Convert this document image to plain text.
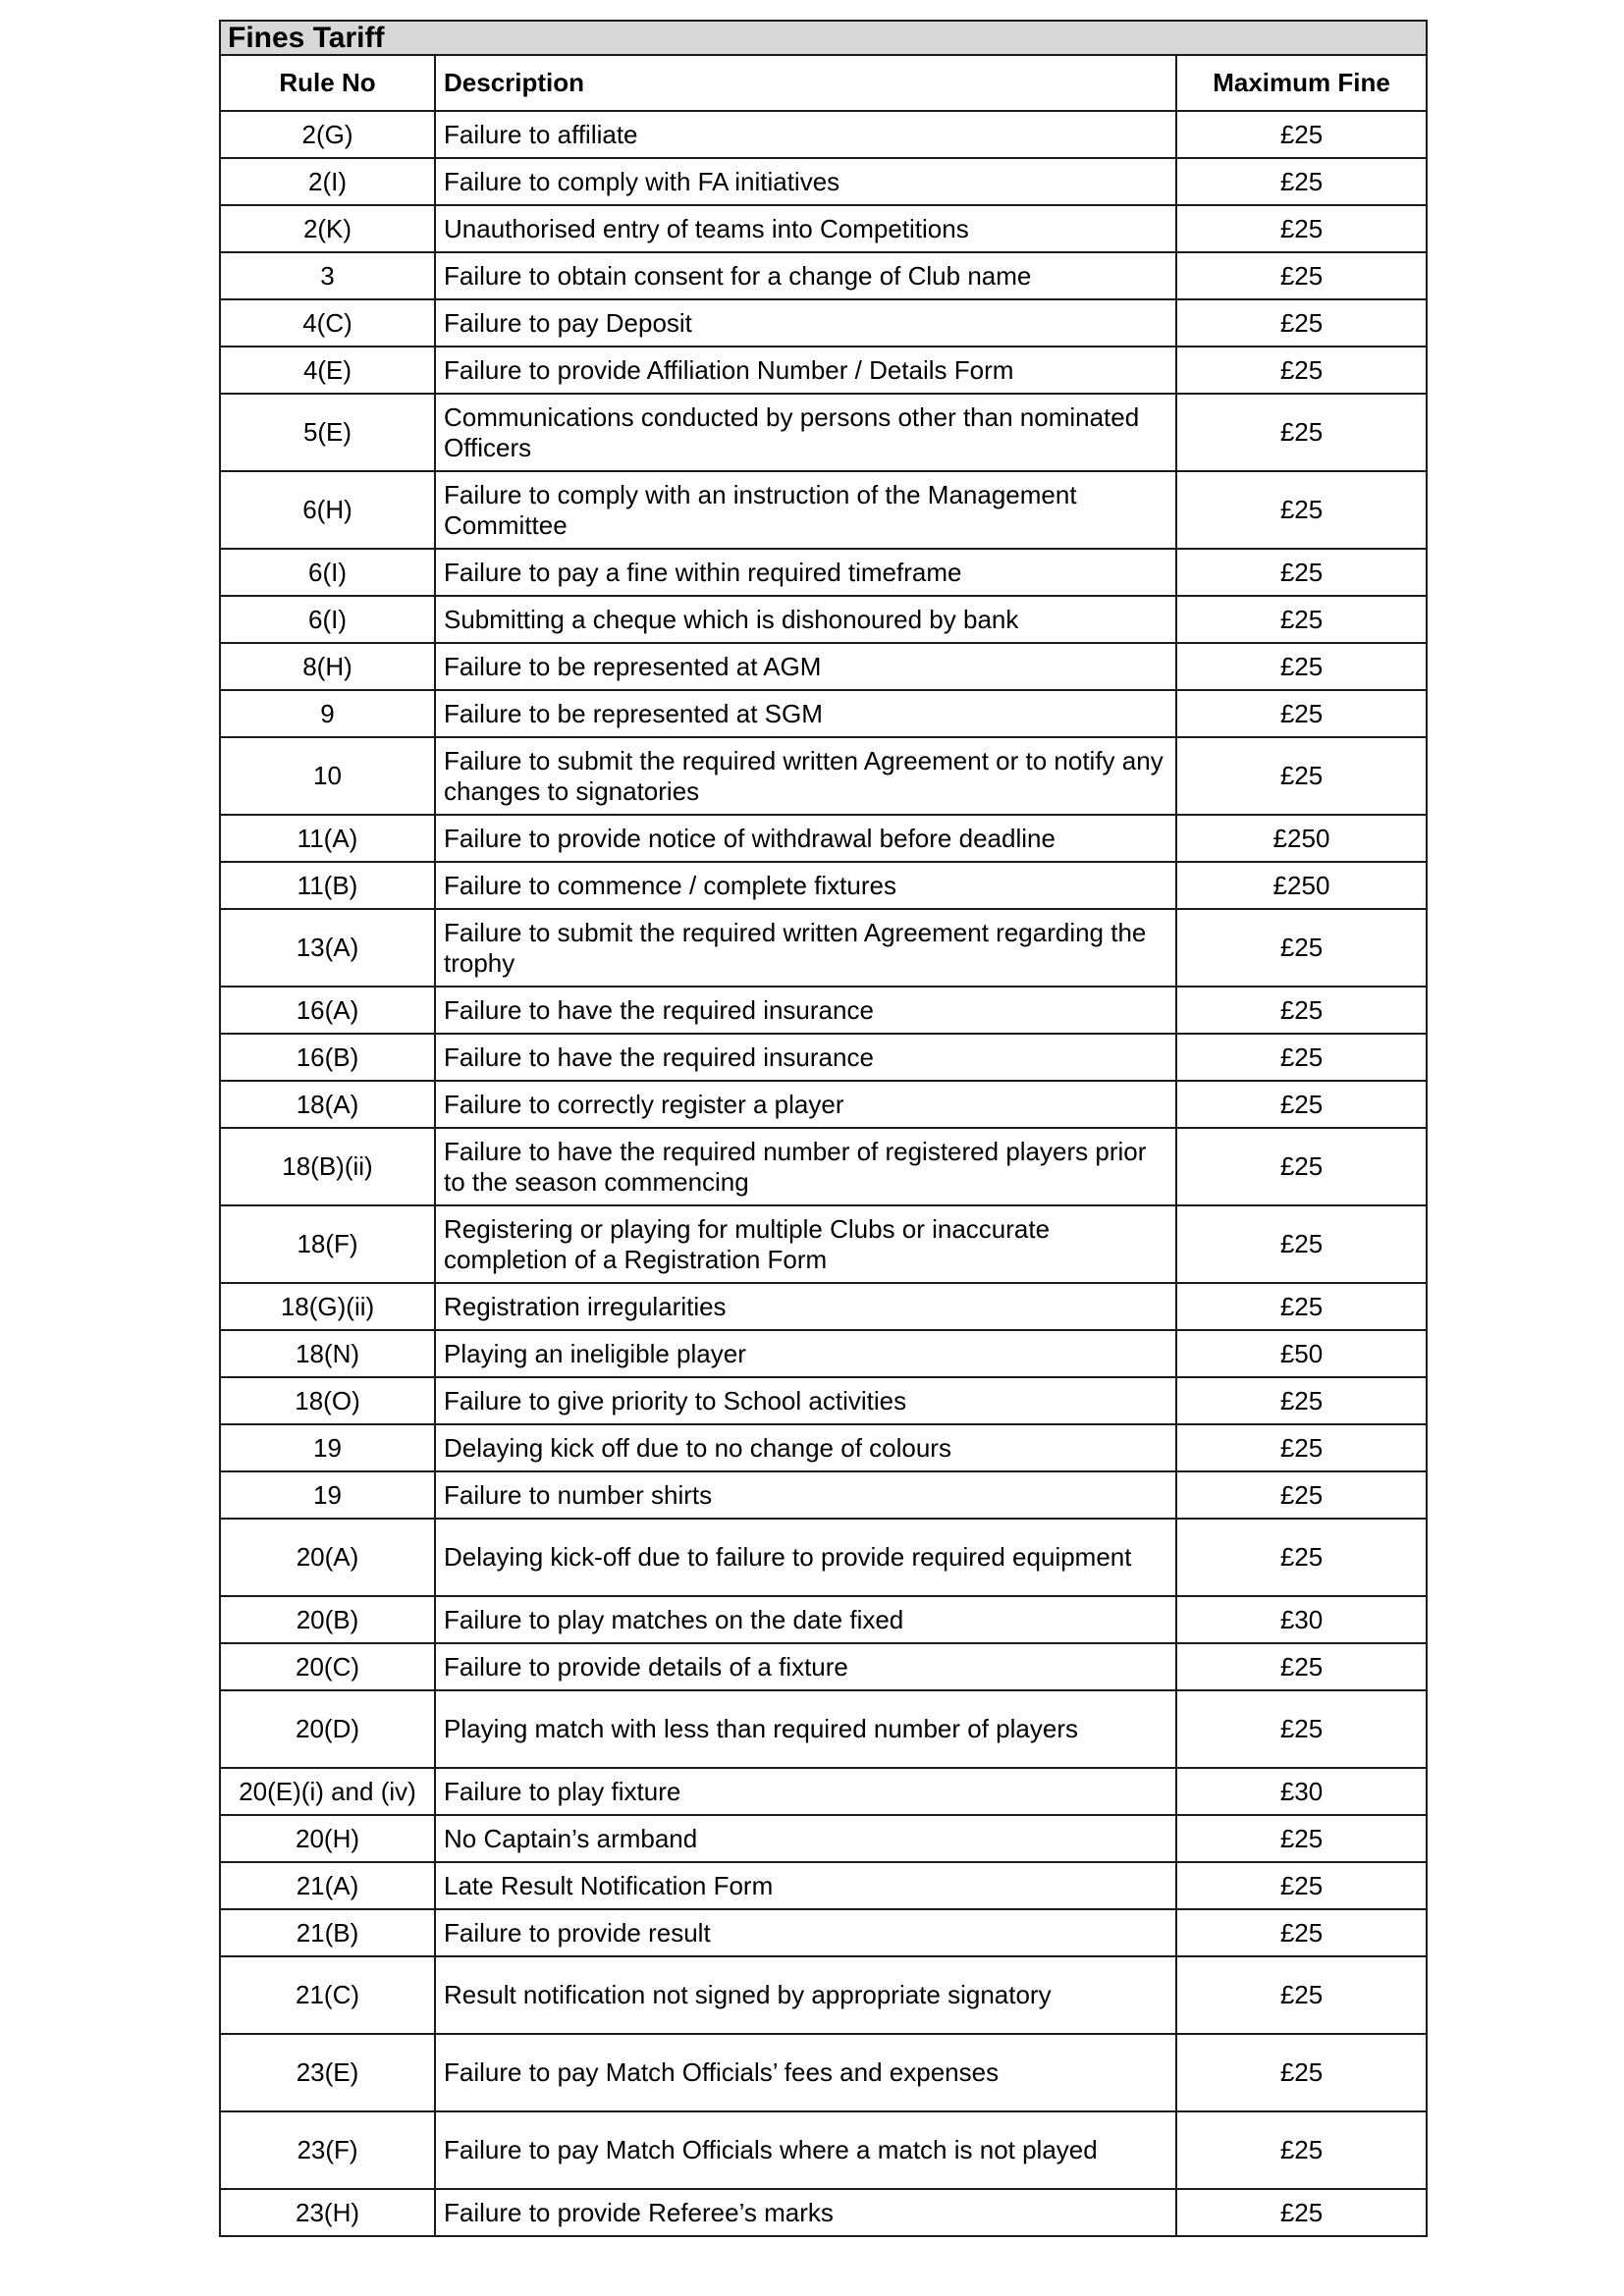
Fines Tariff		
Rule No	Description	Maximum Fine
2(G)	Failure to affiliate	£25
2(I)	Failure to comply with FA initiatives	£25
2(K)	Unauthorised entry of teams into Competitions	£25
3	Failure to obtain consent for a change of Club name	£25
4(C)	Failure to pay Deposit	£25
4(E)	Failure to provide Affiliation Number / Details Form	£25
5(E)	Communications conducted by persons other than nominated Officers	£25
6(H)	Failure to comply with an instruction of the Management Committee	£25
6(I)	Failure to pay a fine within required timeframe	£25
6(I)	Submitting a cheque which is dishonoured by bank	£25
8(H)	Failure to be represented at AGM	£25
9	Failure to be represented at SGM	£25
10	Failure to submit the required written Agreement or to notify any changes to signatories	£25
11(A)	Failure to provide notice of withdrawal before deadline	£250
11(B)	Failure to commence / complete fixtures	£250
13(A)	Failure to submit the required written Agreement regarding the trophy	£25
16(A)	Failure to have the required insurance	£25
16(B)	Failure to have the required insurance	£25
18(A)	Failure to correctly register a player	£25
18(B)(ii)	Failure to have the required number of registered players prior to the season commencing	£25
18(F)	Registering or playing for multiple Clubs or inaccurate completion of a Registration Form	£25
18(G)(ii)	Registration irregularities	£25
18(N)	Playing an ineligible player	£50
18(O)	Failure to give priority to School activities	£25
19	Delaying kick off due to no change of colours	£25
19	Failure to number shirts	£25
20(A)	Delaying kick-off due to failure to provide required equipment	£25
20(B)	Failure to play matches on the date fixed	£30
20(C)	Failure to provide details of a fixture	£25
20(D)	Playing match with less than required number of players	£25
20(E)(i) and (iv)	Failure to play fixture	£30
20(H)	No Captain’s armband	£25
21(A)	Late Result Notification Form	£25
21(B)	Failure to provide result	£25
21(C)	Result notification not signed by appropriate signatory	£25
23(E)	Failure to pay Match Officials’ fees and expenses	£25
23(F)	Failure to pay Match Officials where a match is not played	£25
23(H)	Failure to provide Referee’s marks	£25
